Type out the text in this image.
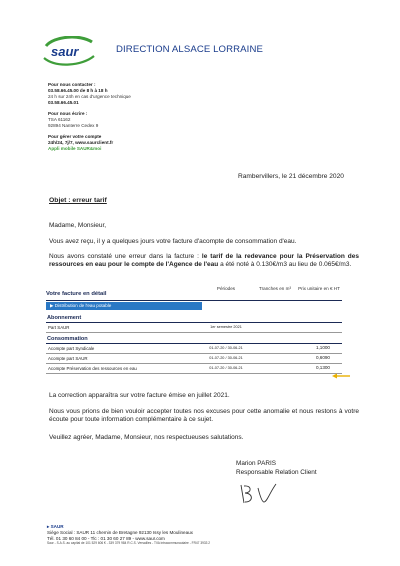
saur	DIRECTION ALSACE LORRAINE
Pour nous contacter :
03.58.66.45.00 de 8 h à 18 h
24 h sur 24h en cas d'urgence technique
03.58.66.45.01
Pour nous écrire :
TSA 61162
92894 Nanterre Cedex 9
Pour gérer votre compte
24h/24, 7j/7, www.saurclient.fr
Appli mobile SAUR&moi
Rambervillers, le 21 décembre 2020
Objet : erreur tarif
Madame, Monsieur,
Vous avez reçu, il y a quelques jours votre facture d'acompte de consommation d'eau.
Nous avons constaté une erreur dans la facture : le tarif de la redevance pour la Préservation des ressources en eau pour le compte de l'Agence de l'eau a été noté à 0.130€/m3 au lieu de 0.065€/m3.
Périodes	Tranches en m³	Prix unitaire en € HT
Votre facture en détail
▶ Distribution de l'eau potable
Abonnement
Part SAUR	1er semestre 2021
Consommation
Acompte part Syndicale	01-07-20 / 30-06-21	1,1000
Acompte part SAUR	01-07-20 / 30-06-21	0,6090
Acompte Préservation des ressources en eau	01-07-20 / 30-06-21	0,1300
La correction apparaîtra sur votre facture émise en juillet 2021.
Nous vous prions de bien vouloir accepter toutes nos excuses pour cette anomalie et nous restons à votre écoute pour toute information complémentaire à ce sujet.
Veuillez agréer, Madame, Monsieur, nos respectueuses salutations.
Marion PARIS
Responsable Relation Client
▸ SAUR
Siège Social : SAUR 11 chemin de Bretagne 92130 Issy les Moulineaux
Tél. 01 30 60 84 00 - Tlc : 01 30 60 27 89 - www.saur.com
Saur - S.A.S. au capital de 101 529 606 € - 339 379 984 R.C.S. Versailles - TVA intracommunautaire - FR47 3933 2
